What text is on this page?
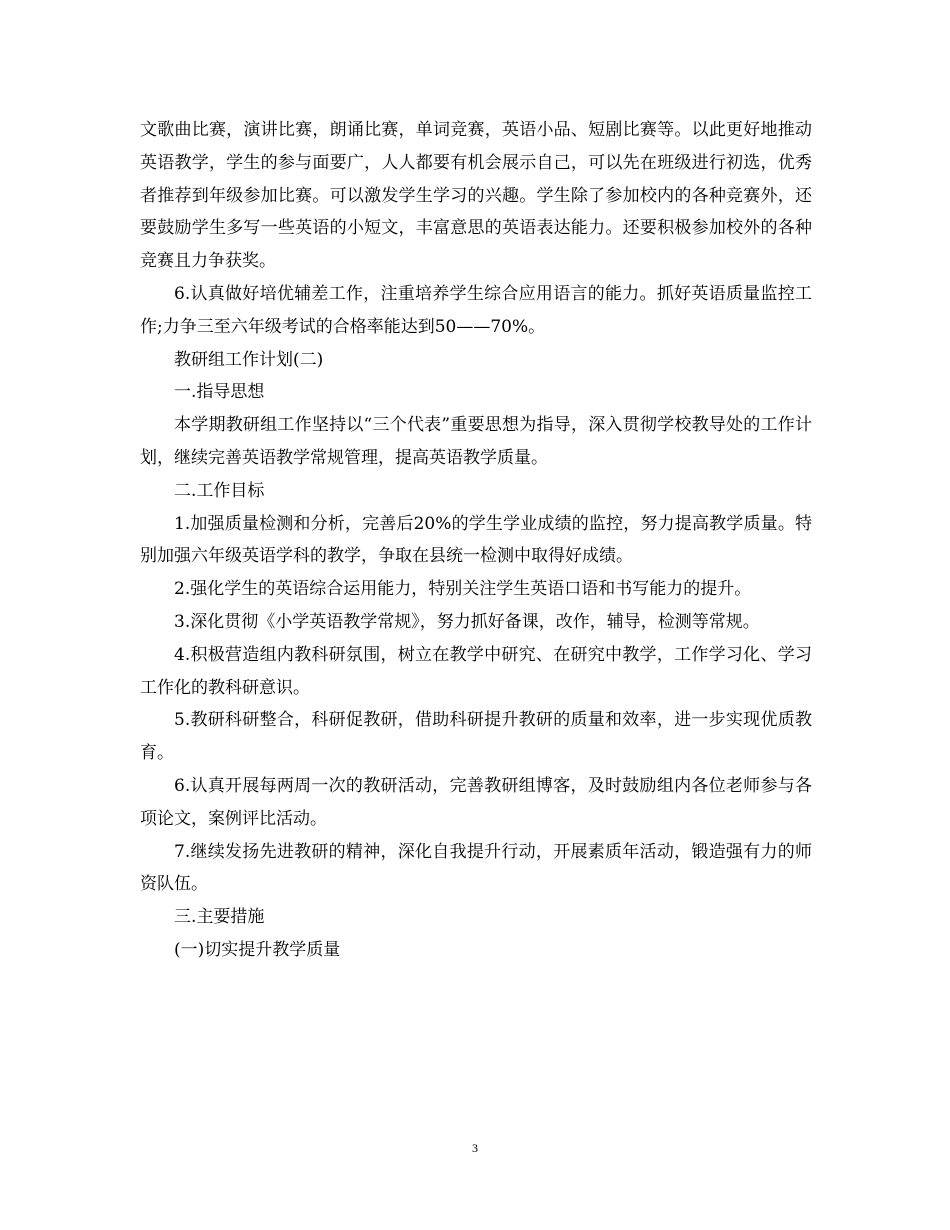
文歌曲比赛，演讲比赛，朗诵比赛，单词竞赛，英语小品、短剧比赛等。以此更好地推动英语教学，学生的参与面要广，人人都要有机会展示自己，可以先在班级进行初选，优秀者推荐到年级参加比赛。可以激发学生学习的兴趣。学生除了参加校内的各种竞赛外，还要鼓励学生多写一些英语的小短文，丰富意思的英语表达能力。还要积极参加校外的各种竞赛且力争获奖。

6.认真做好培优辅差工作，注重培养学生综合应用语言的能力。抓好英语质量监控工作;力争三至六年级考试的合格率能达到50——70%。

教研组工作计划(二)

一.指导思想

本学期教研组工作坚持以“三个代表”重要思想为指导，深入贯彻学校教导处的工作计划，继续完善英语教学常规管理，提高英语教学质量。

二.工作目标

1.加强质量检测和分析，完善后20%的学生学业成绩的监控，努力提高教学质量。特别加强六年级英语学科的教学，争取在县统一检测中取得好成绩。

2.强化学生的英语综合运用能力，特别关注学生英语口语和书写能力的提升。

3.深化贯彻《小学英语教学常规》，努力抓好备课，改作，辅导，检测等常规。

4.积极营造组内教科研氛围，树立在教学中研究、在研究中教学，工作学习化、学习工作化的教科研意识。

5.教研科研整合，科研促教研，借助科研提升教研的质量和效率，进一步实现优质教育。

6.认真开展每两周一次的教研活动，完善教研组博客，及时鼓励组内各位老师参与各项论文，案例评比活动。

7.继续发扬先进教研的精神，深化自我提升行动，开展素质年活动，锻造强有力的师资队伍。

三.主要措施

(一)切实提升教学质量

3
